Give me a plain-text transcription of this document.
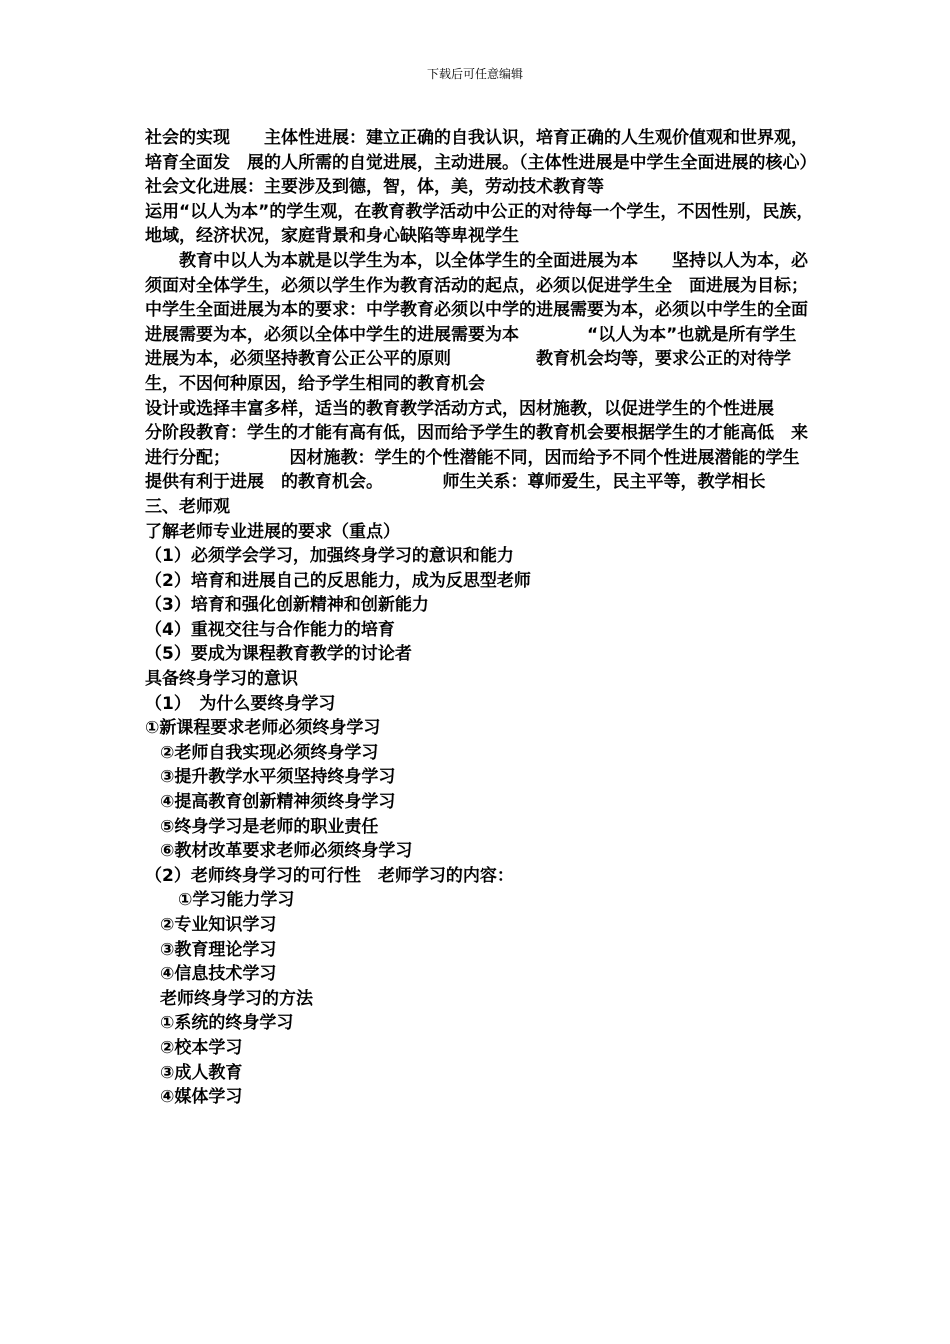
下载后可任意编辑

社会的实现　　主体性进展：建立正确的自我认识，培育正确的人生观价值观和世界观，培育全面发　展的人所需的自觉进展，主动进展。（主体性进展是中学生全面进展的核心）　社会文化进展：主要涉及到德，智，体，美，劳动技术教育等

运用“以人为本”的学生观，在教育教学活动中公正的对待每一个学生，不因性别，民族，　　地域，经济状况，家庭背景和身心缺陷等卑视学生

　　教育中以人为本就是以学生为本，以全体学生的全面进展为本　　坚持以人为本，必须面对全体学生，必须以学生作为教育活动的起点，必须以促进学生全　面进展为目标；　　　　中学生全面进展为本的要求：中学教育必须以中学的进展需要为本，必须以中学生的全面　进展需要为本，必须以全体中学生的进展需要为本　　　　“以人为本”也就是所有学生进展为本，必须坚持教育公正公平的原则　　　　　教育机会均等，要求公正的对待学生，不因何种原因，给予学生相同的教育机会

设计或选择丰富多样，适当的教育教学活动方式，因材施教，以促进学生的个性进展

分阶段教育：学生的才能有高有低，因而给予学生的教育机会要根据学生的才能高低　来进行分配；　　　　因材施教：学生的个性潜能不同，因而给予不同个性进展潜能的学生提供有利于进展　的教育机会。　　　　师生关系：尊师爱生，民主平等，教学相长

三、老师观

了解老师专业进展的要求（重点）

（1）必须学会学习，加强终身学习的意识和能力

（2）培育和进展自己的反思能力，成为反思型老师

（3）培育和强化创新精神和创新能力

（4）重视交往与合作能力的培育

（5）要成为课程教育教学的讨论者

具备终身学习的意识

（1）　为什么要终身学习

①新课程要求老师必须终身学习

②老师自我实现必须终身学习

③提升教学水平须坚持终身学习

④提高教育创新精神须终身学习

⑤终身学习是老师的职业责任

⑥教材改革要求老师必须终身学习

（2）老师终身学习的可行性　老师学习的内容：

①学习能力学习

②专业知识学习

③教育理论学习

④信息技术学习

老师终身学习的方法

①系统的终身学习

②校本学习

③成人教育

④媒体学习
